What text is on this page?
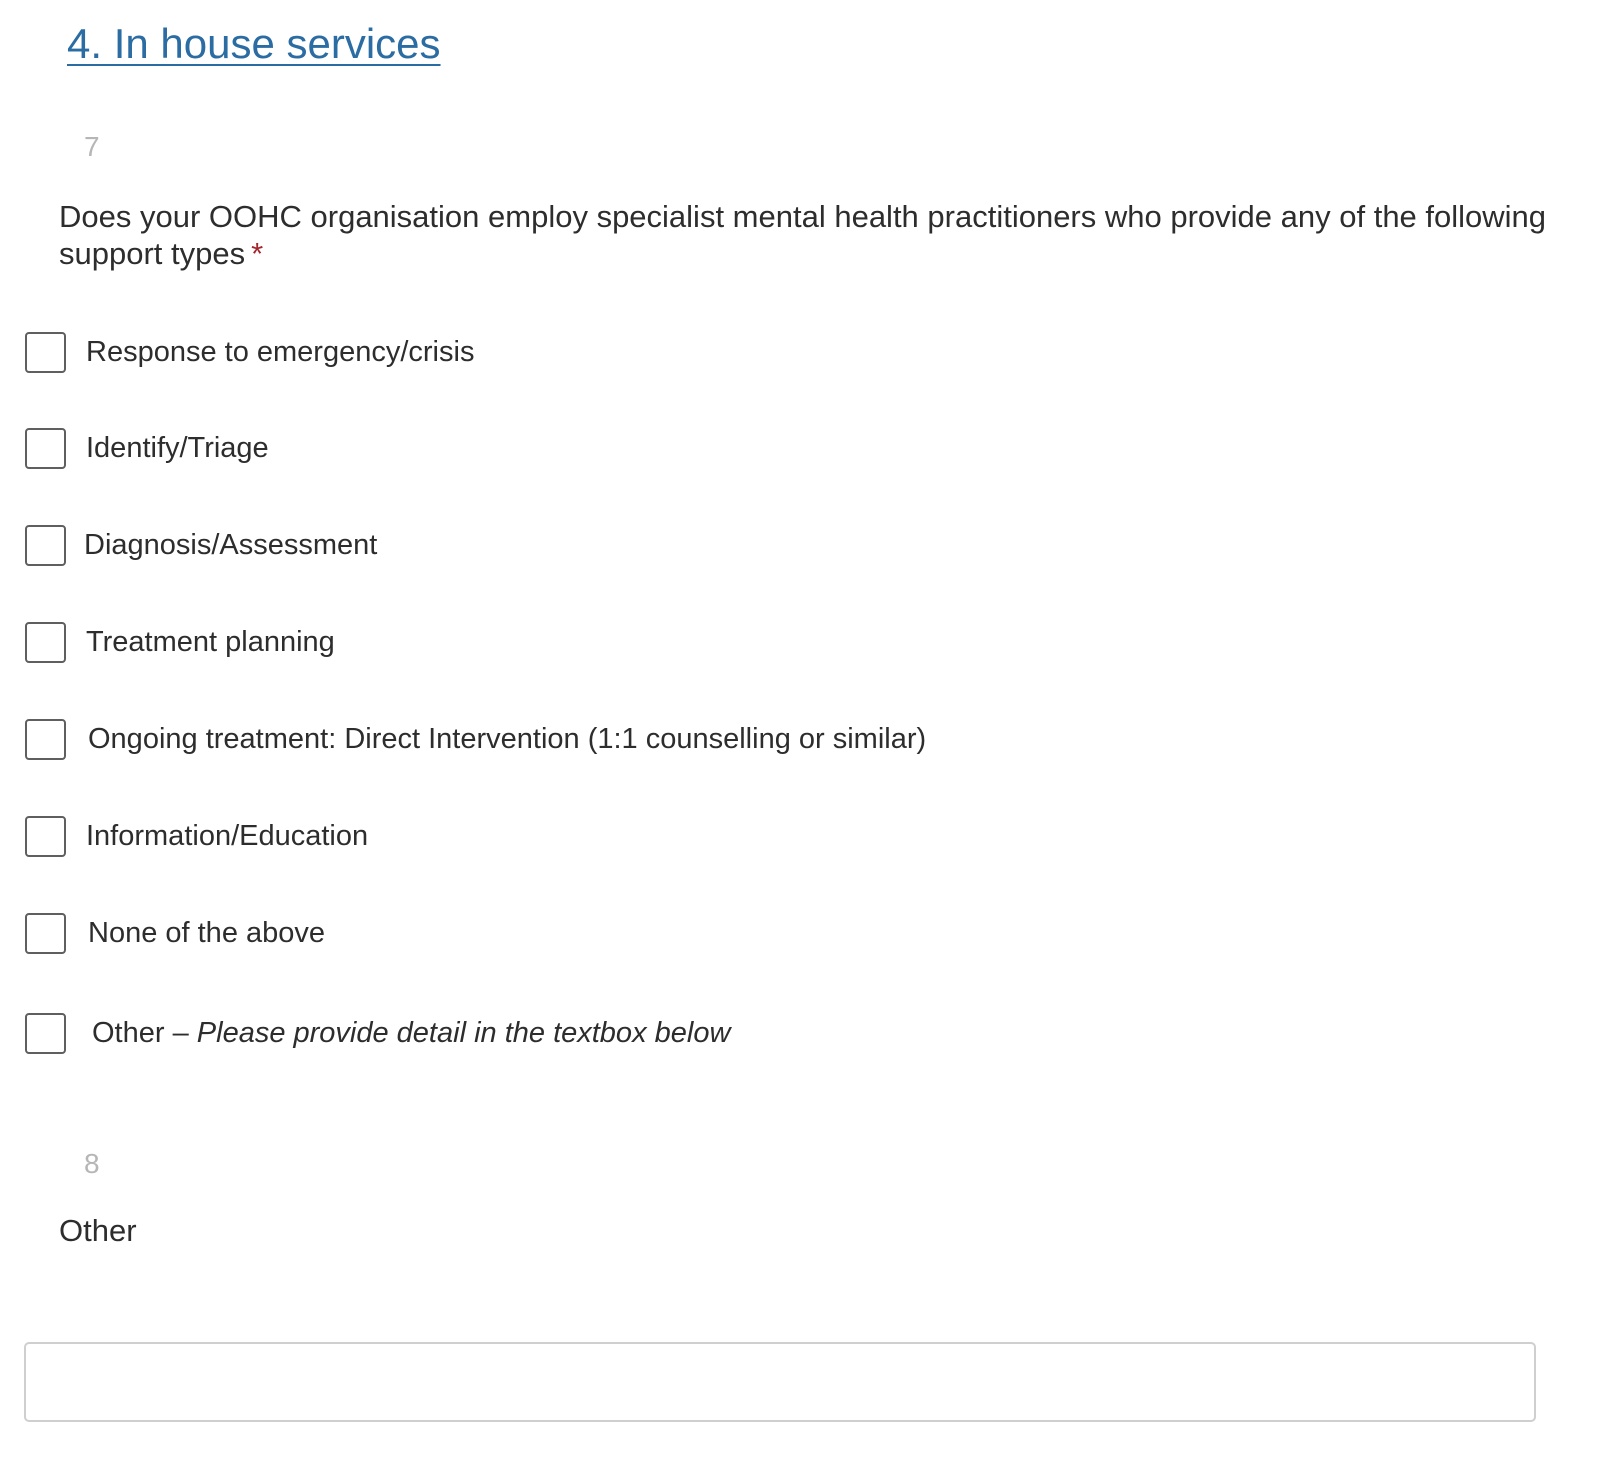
4. In house services
7
Does your OOHC organisation employ specialist mental health practitioners who provide any of the following support types *
Response to emergency/crisis
Identify/Triage
Diagnosis/Assessment
Treatment planning
Ongoing treatment: Direct Intervention (1:1 counselling or similar)
Information/Education
None of the above
Other – Please provide detail in the textbox below
8
Other
